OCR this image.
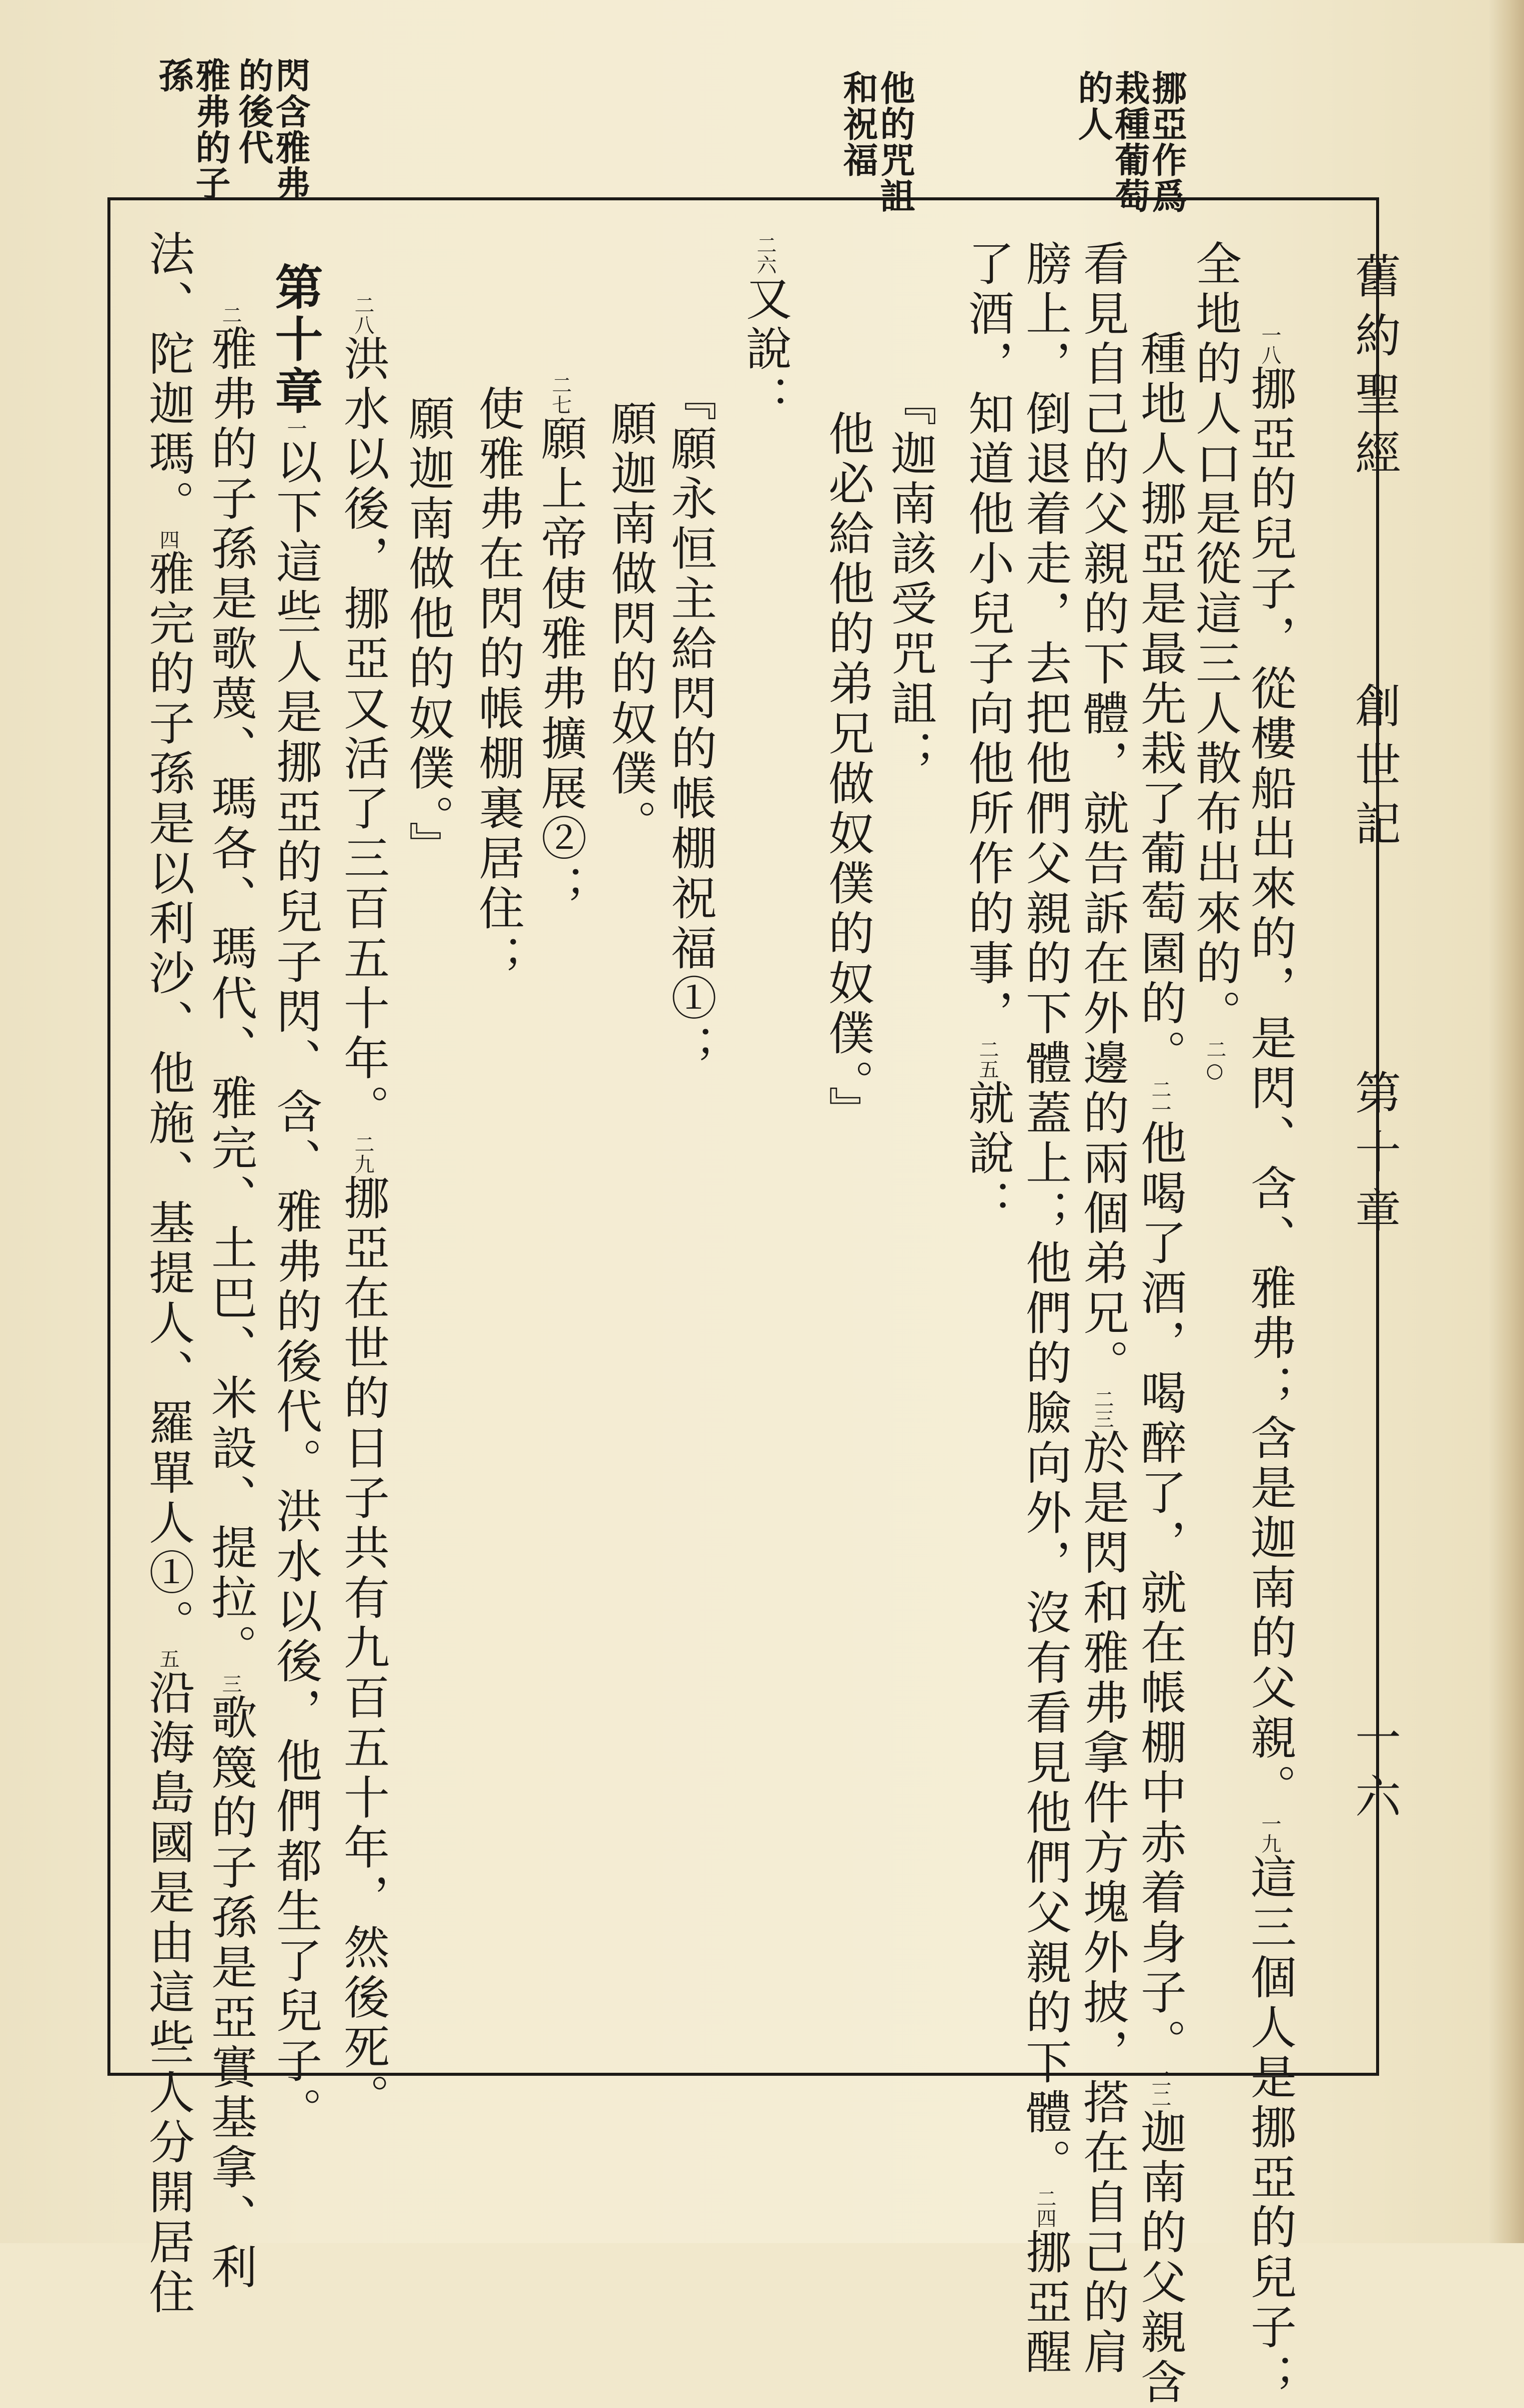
舊約聖經
創世記
第十章
一六
挪亞作爲栽種葡萄的人
他的咒詛和祝福
閃含雅弗的後代
雅弗的子孫
一八挪亞的兒子，從樓船出來的，是閃、含、雅弗；含是迦南的父親。一九這三個人是挪亞的兒子；
全地的人口是從這三人散布出來的。二○
種地人挪亞是最先栽了葡萄園的。二一他喝了酒，喝醉了，就在帳棚中赤着身子。二二迦南的父親含
看見自己的父親的下體，就告訴在外邊的兩個弟兄。二三於是閃和雅弗拿件方塊外披，搭在自己的肩
膀上，倒退着走，去把他們父親的下體蓋上；他們的臉向外，沒有看見他們父親的下體。二四挪亞醒
了酒，知道他小兒子向他所作的事，二五就說：
『迦南該受咒詛；
他必給他的弟兄做奴僕的奴僕。』
二六又說：
『願永恒主給閃的帳棚祝福①；
願迦南做閃的奴僕。
二七願上帝使雅弗擴展②；
使雅弗在閃的帳棚裏居住；
願迦南做他的奴僕。』
二八洪水以後，挪亞又活了三百五十年。二九挪亞在世的日子共有九百五十年，然後死。
第十章一以下這些人是挪亞的兒子閃、含、雅弗的後代。洪水以後，他們都生了兒子。
二雅弗的子孫是歌蔑、瑪各、瑪代、雅完、土巴、米設、提拉。三歌篾的子孫是亞實基拿、利
法、陀迦瑪。四雅完的子孫是以利沙、他施、基提人、羅單人①。五沿海島國是由這些人分開居住
